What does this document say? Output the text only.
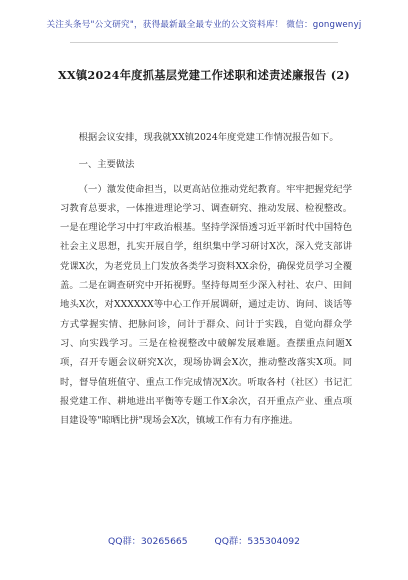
关注头条号"公文研究"，获得最新最全最专业的公文资料库！ 微信：gongwenyj
XX镇2024年度抓基层党建工作述职和述责述廉报告 (2)

根据会议安排，现我就XX镇2024年度党建工作情况报告如下。

一、主要做法

（一）激发使命担当，以更高站位推动党纪教育。牢牢把握党纪学习教育总要求，一体推进理论学习、调查研究、推动发展、检视整改。一是在理论学习中打牢政治根基。坚持学深悟透习近平新时代中国特色社会主义思想，扎实开展自学，组织集中学习研讨X次，深入党支部讲党课X次，为老党员上门发放各类学习资料XX余份，确保党员学习全覆盖。二是在调查研究中开拓视野。坚持每周至少深入村社、农户、田间地头X次，对XXXXXX等中心工作开展调研，通过走访、询问、谈话等方式掌握实情、把脉问诊，问计于群众、问计于实践，自觉向群众学习、向实践学习。三是在检视整改中破解发展难题。查摆重点问题X项，召开专题会议研究X次，现场协调会X次，推动整改落实X项。同时，督导值班值守、重点工作完成情况X次。听取各村（社区）书记汇报党建工作、耕地进出平衡等专题工作X余次，召开重点产业、重点项目建设等"晾晒比拼"现场会X次，镇域工作有力有序推进。

QQ群：30265665	QQ群：535304092
